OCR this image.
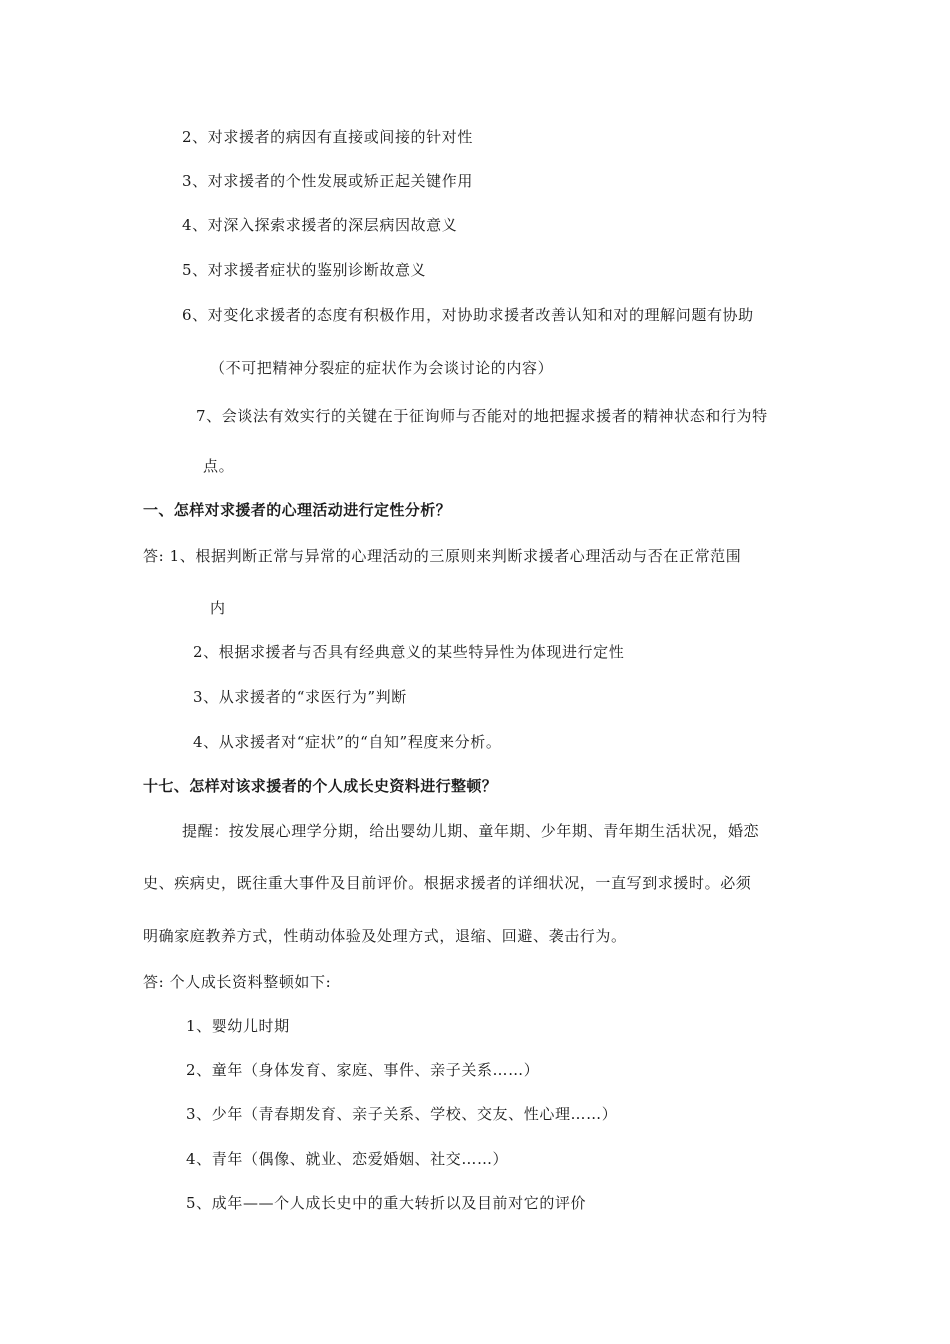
2、对求援者的病因有直接或间接的针对性
3、对求援者的个性发展或矫正起关键作用
4、对深入探索求援者的深层病因故意义
5、对求援者症状的鉴别诊断故意义
6、对变化求援者的态度有积极作用，对协助求援者改善认知和对的理解问题有协助
（不可把精神分裂症的症状作为会谈讨论的内容）
7、会谈法有效实行的关键在于征询师与否能对的地把握求援者的精神状态和行为特
点。
一、怎样对求援者的心理活动进行定性分析？
答: 1、根据判断正常与异常的心理活动的三原则来判断求援者心理活动与否在正常范围
内
2、根据求援者与否具有经典意义的某些特异性为体现进行定性
3、从求援者的“求医行为”判断
4、从求援者对“症状”的“自知”程度来分析。
十七、怎样对该求援者的个人成长史资料进行整顿？
提醒：按发展心理学分期，给出婴幼儿期、童年期、少年期、青年期生活状况，婚恋
史、疾病史，既往重大事件及目前评价。根据求援者的详细状况，一直写到求援时。必须
明确家庭教养方式，性萌动体验及处理方式，退缩、回避、袭击行为。
答: 个人成长资料整顿如下:
1、婴幼儿时期
2、童年（身体发育、家庭、事件、亲子关系……）
3、少年（青春期发育、亲子关系、学校、交友、性心理……）
4、青年（偶像、就业、恋爱婚姻、社交……）
5、成年——个人成长史中的重大转折以及目前对它的评价
